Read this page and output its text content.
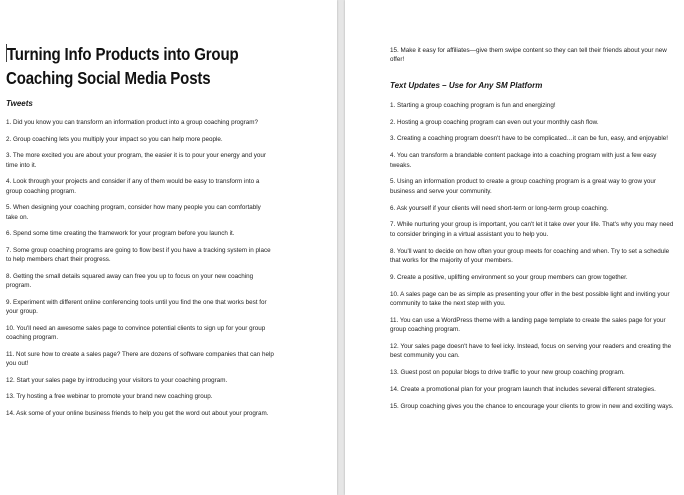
Turning Info Products into Group
Coaching Social Media Posts
Tweets
1. Did you know you can transform an information product into a group coaching program?
2. Group coaching lets you multiply your impact so you can help more people.
3. The more excited you are about your program, the easier it is to pour your energy and your time into it.
4. Look through your projects and consider if any of them would be easy to transform into a group coaching program.
5. When designing your coaching program, consider how many people you can comfortably take on.
6. Spend some time creating the framework for your program before you launch it.
7. Some group coaching programs are going to flow best if you have a tracking system in place to help members chart their progress.
8. Getting the small details squared away can free you up to focus on your new coaching program.
9. Experiment with different online conferencing tools until you find the one that works best for your group.
10. You'll need an awesome sales page to convince potential clients to sign up for your group coaching program.
11. Not sure how to create a sales page? There are dozens of software companies that can help you out!
12. Start your sales page by introducing your visitors to your coaching program.
13. Try hosting a free webinar to promote your brand new coaching group.
14. Ask some of your online business friends to help you get the word out about your program.
15. Make it easy for affiliates—give them swipe content so they can tell their friends about your new offer!
Text Updates – Use for Any SM Platform
1. Starting a group coaching program is fun and energizing!
2. Hosting a group coaching program can even out your monthly cash flow.
3. Creating a coaching program doesn't have to be complicated…it can be fun, easy, and enjoyable!
4. You can transform a brandable content package into a coaching program with just a few easy tweaks.
5. Using an information product to create a group coaching program is a great way to grow your business and serve your community.
6. Ask yourself if your clients will need short-term or long-term group coaching.
7. While nurturing your group is important, you can't let it take over your life. That's why you may need to consider bringing in a virtual assistant you to help you.
8. You'll want to decide on how often your group meets for coaching and when. Try to set a schedule that works for the majority of your members.
9. Create a positive, uplifting environment so your group members can grow together.
10. A sales page can be as simple as presenting your offer in the best possible light and inviting your community to take the next step with you.
11. You can use a WordPress theme with a landing page template to create the sales page for your group coaching program.
12. Your sales page doesn't have to feel icky. Instead, focus on serving your readers and creating the best community you can.
13. Guest post on popular blogs to drive traffic to your new group coaching program.
14. Create a promotional plan for your program launch that includes several different strategies.
15. Group coaching gives you the chance to encourage your clients to grow in new and exciting ways.
